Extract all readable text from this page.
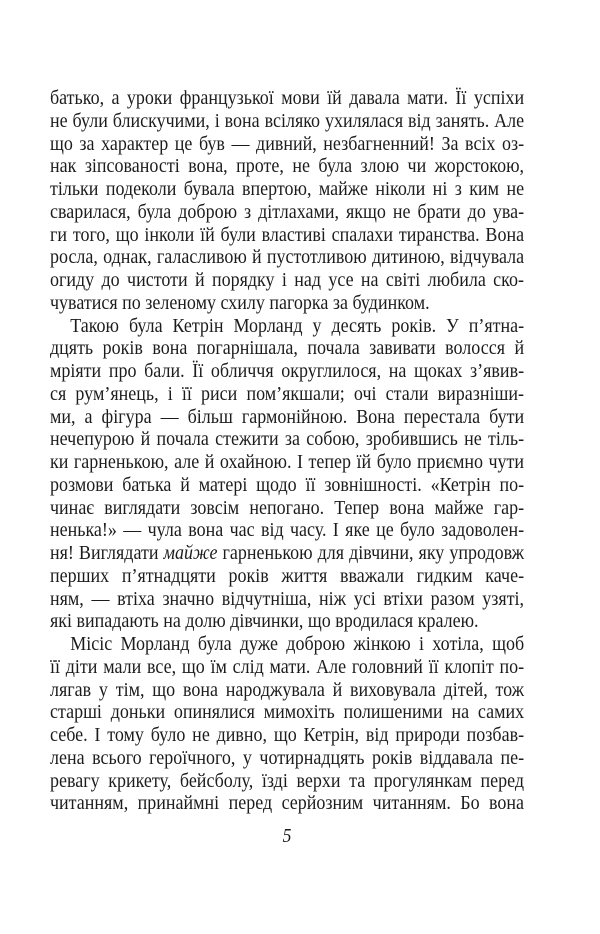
батько, а уроки французької мови їй давала мати. Її успіхи
не були блискучими, і вона всіляко ухилялася від занять. Але
що за характер це був — дивний, незбагненний! За всіх оз-
нак зіпсованості вона, проте, не була злою чи жорстокою,
тільки подеколи бувала впертою, майже ніколи ні з ким не
сварилася, була доброю з дітлахами, якщо не брати до ува-
ги того, що інколи їй були властиві спалахи тиранства. Вона
росла, однак, галасливою й пустотливою дитиною, відчувала
огиду до чистоти й порядку і над усе на світі любила ско-
чуватися по зеленому схилу пагорка за будинком.
Такою була Кетрін Морланд у десять років. У п’ятна-
дцять років вона погарнішала, почала завивати волосся й
мріяти про бали. Її обличчя округлилося, на щоках з’явив-
ся рум’янець, і її риси пом’якшали; очі стали виразніши-
ми, а фігура — більш гармонійною. Вона перестала бути
нечепурою й почала стежити за собою, зробившись не тіль-
ки гарненькою, але й охайною. І тепер їй було приємно чути
розмови батька й матері щодо її зовнішності. «Кетрін по-
чинає виглядати зовсім непогано. Тепер вона майже гар-
ненька!» — чула вона час від часу. І яке це було задоволен-
ня! Виглядати майже гарненькою для дівчини, яку упродовж
перших п’ятнадцяти років життя вважали гидким каче-
ням, — втіха значно відчутніша, ніж усі втіхи разом узяті,
які випадають на долю дівчинки, що вродилася кралею.
Місіс Морланд була дуже доброю жінкою і хотіла, щоб
її діти мали все, що їм слід мати. Але головний її клопіт по-
лягав у тім, що вона народжувала й виховувала дітей, тож
старші доньки опинялися мимохіть полишеними на самих
себе. І тому було не дивно, що Кетрін, від природи позбав-
лена всього героїчного, у чотирнадцять років віддавала пе-
ревагу крикету, бейсболу, їзді верхи та прогулянкам перед
читанням, принаймні перед серйозним читанням. Бо вона
5
